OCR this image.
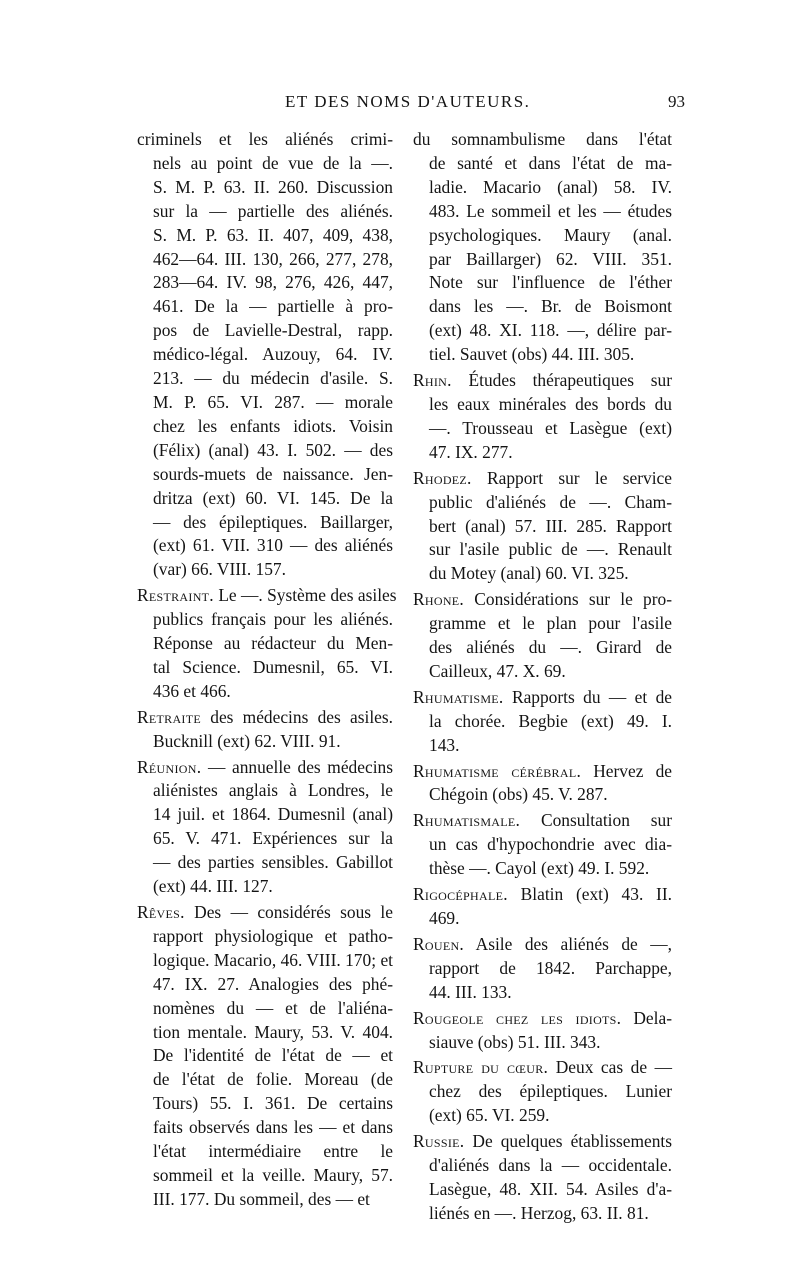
ET DES NOMS D'AUTEURS.	93
criminels et les aliénés crimi-
nels au point de vue de la —.
S. M. P. 63. II. 260. Discussion
sur la — partielle des aliénés.
S. M. P. 63. II. 407, 409, 438,
462—64. III. 130, 266, 277, 278,
283—64. IV. 98, 276, 426, 447,
461. De la — partielle à pro-
pos de Lavielle-Destral, rapp.
médico-légal. Auzouy, 64. IV.
213. — du médecin d'asile. S.
M. P. 65. VI. 287. — morale
chez les enfants idiots. Voisin
(Félix) (anal) 43. I. 502. — des
sourds-muets de naissance. Jen-
dritza (ext) 60. VI. 145. De la
— des épileptiques. Baillarger,
(ext) 61. VII. 310 — des aliénés
(var) 66. VIII. 157.
Restraint. Le —. Système des asiles
publics français pour les aliénés.
Réponse au rédacteur du Men-
tal Science. Dumesnil, 65. VI.
436 et 466.
Retraite des médecins des asiles.
Bucknill (ext) 62. VIII. 91.
Réunion. — annuelle des médecins
aliénistes anglais à Londres, le
14 juil. et 1864. Dumesnil (anal)
65. V. 471. Expériences sur la
— des parties sensibles. Gabillot
(ext) 44. III. 127.
Rêves. Des — considérés sous le
rapport physiologique et patho-
logique. Macario, 46. VIII. 170; et
47. IX. 27. Analogies des phé-
nomènes du — et de l'aliéna-
tion mentale. Maury, 53. V. 404.
De l'identité de l'état de — et
de l'état de folie. Moreau (de
Tours) 55. I. 361. De certains
faits observés dans les — et dans
l'état intermédiaire entre le
sommeil et la veille. Maury, 57.
III. 177. Du sommeil, des — et
du somnambulisme dans l'état
de santé et dans l'état de ma-
ladie. Macario (anal) 58. IV.
483. Le sommeil et les — études
psychologiques. Maury (anal.
par Baillarger) 62. VIII. 351.
Note sur l'influence de l'éther
dans les —. Br. de Boismont
(ext) 48. XI. 118. —, délire par-
tiel. Sauvet (obs) 44. III. 305.
Rhin. Études thérapeutiques sur
les eaux minérales des bords du
—. Trousseau et Lasègue (ext)
47. IX. 277.
Rhodez. Rapport sur le service
public d'aliénés de —. Cham-
bert (anal) 57. III. 285. Rapport
sur l'asile public de —. Renault
du Motey (anal) 60. VI. 325.
Rhone. Considérations sur le pro-
gramme et le plan pour l'asile
des aliénés du —. Girard de
Cailleux, 47. X. 69.
Rhumatisme. Rapports du — et de
la chorée. Begbie (ext) 49. I.
143.
Rhumatisme cérébral. Hervez de
Chégoin (obs) 45. V. 287.
Rhumatismale. Consultation sur
un cas d'hypochondrie avec dia-
thèse —. Cayol (ext) 49. I. 592.
Rigocéphale. Blatin (ext) 43. II.
469.
Rouen. Asile des aliénés de —,
rapport de 1842. Parchappe,
44. III. 133.
Rougeole chez les idiots. Dela-
siauve (obs) 51. III. 343.
Rupture du cœur. Deux cas de —
chez des épileptiques. Lunier
(ext) 65. VI. 259.
Russie. De quelques établissements
d'aliénés dans la — occidentale.
Lasègue, 48. XII. 54. Asiles d'a-
liénés en —. Herzog, 63. II. 81.
